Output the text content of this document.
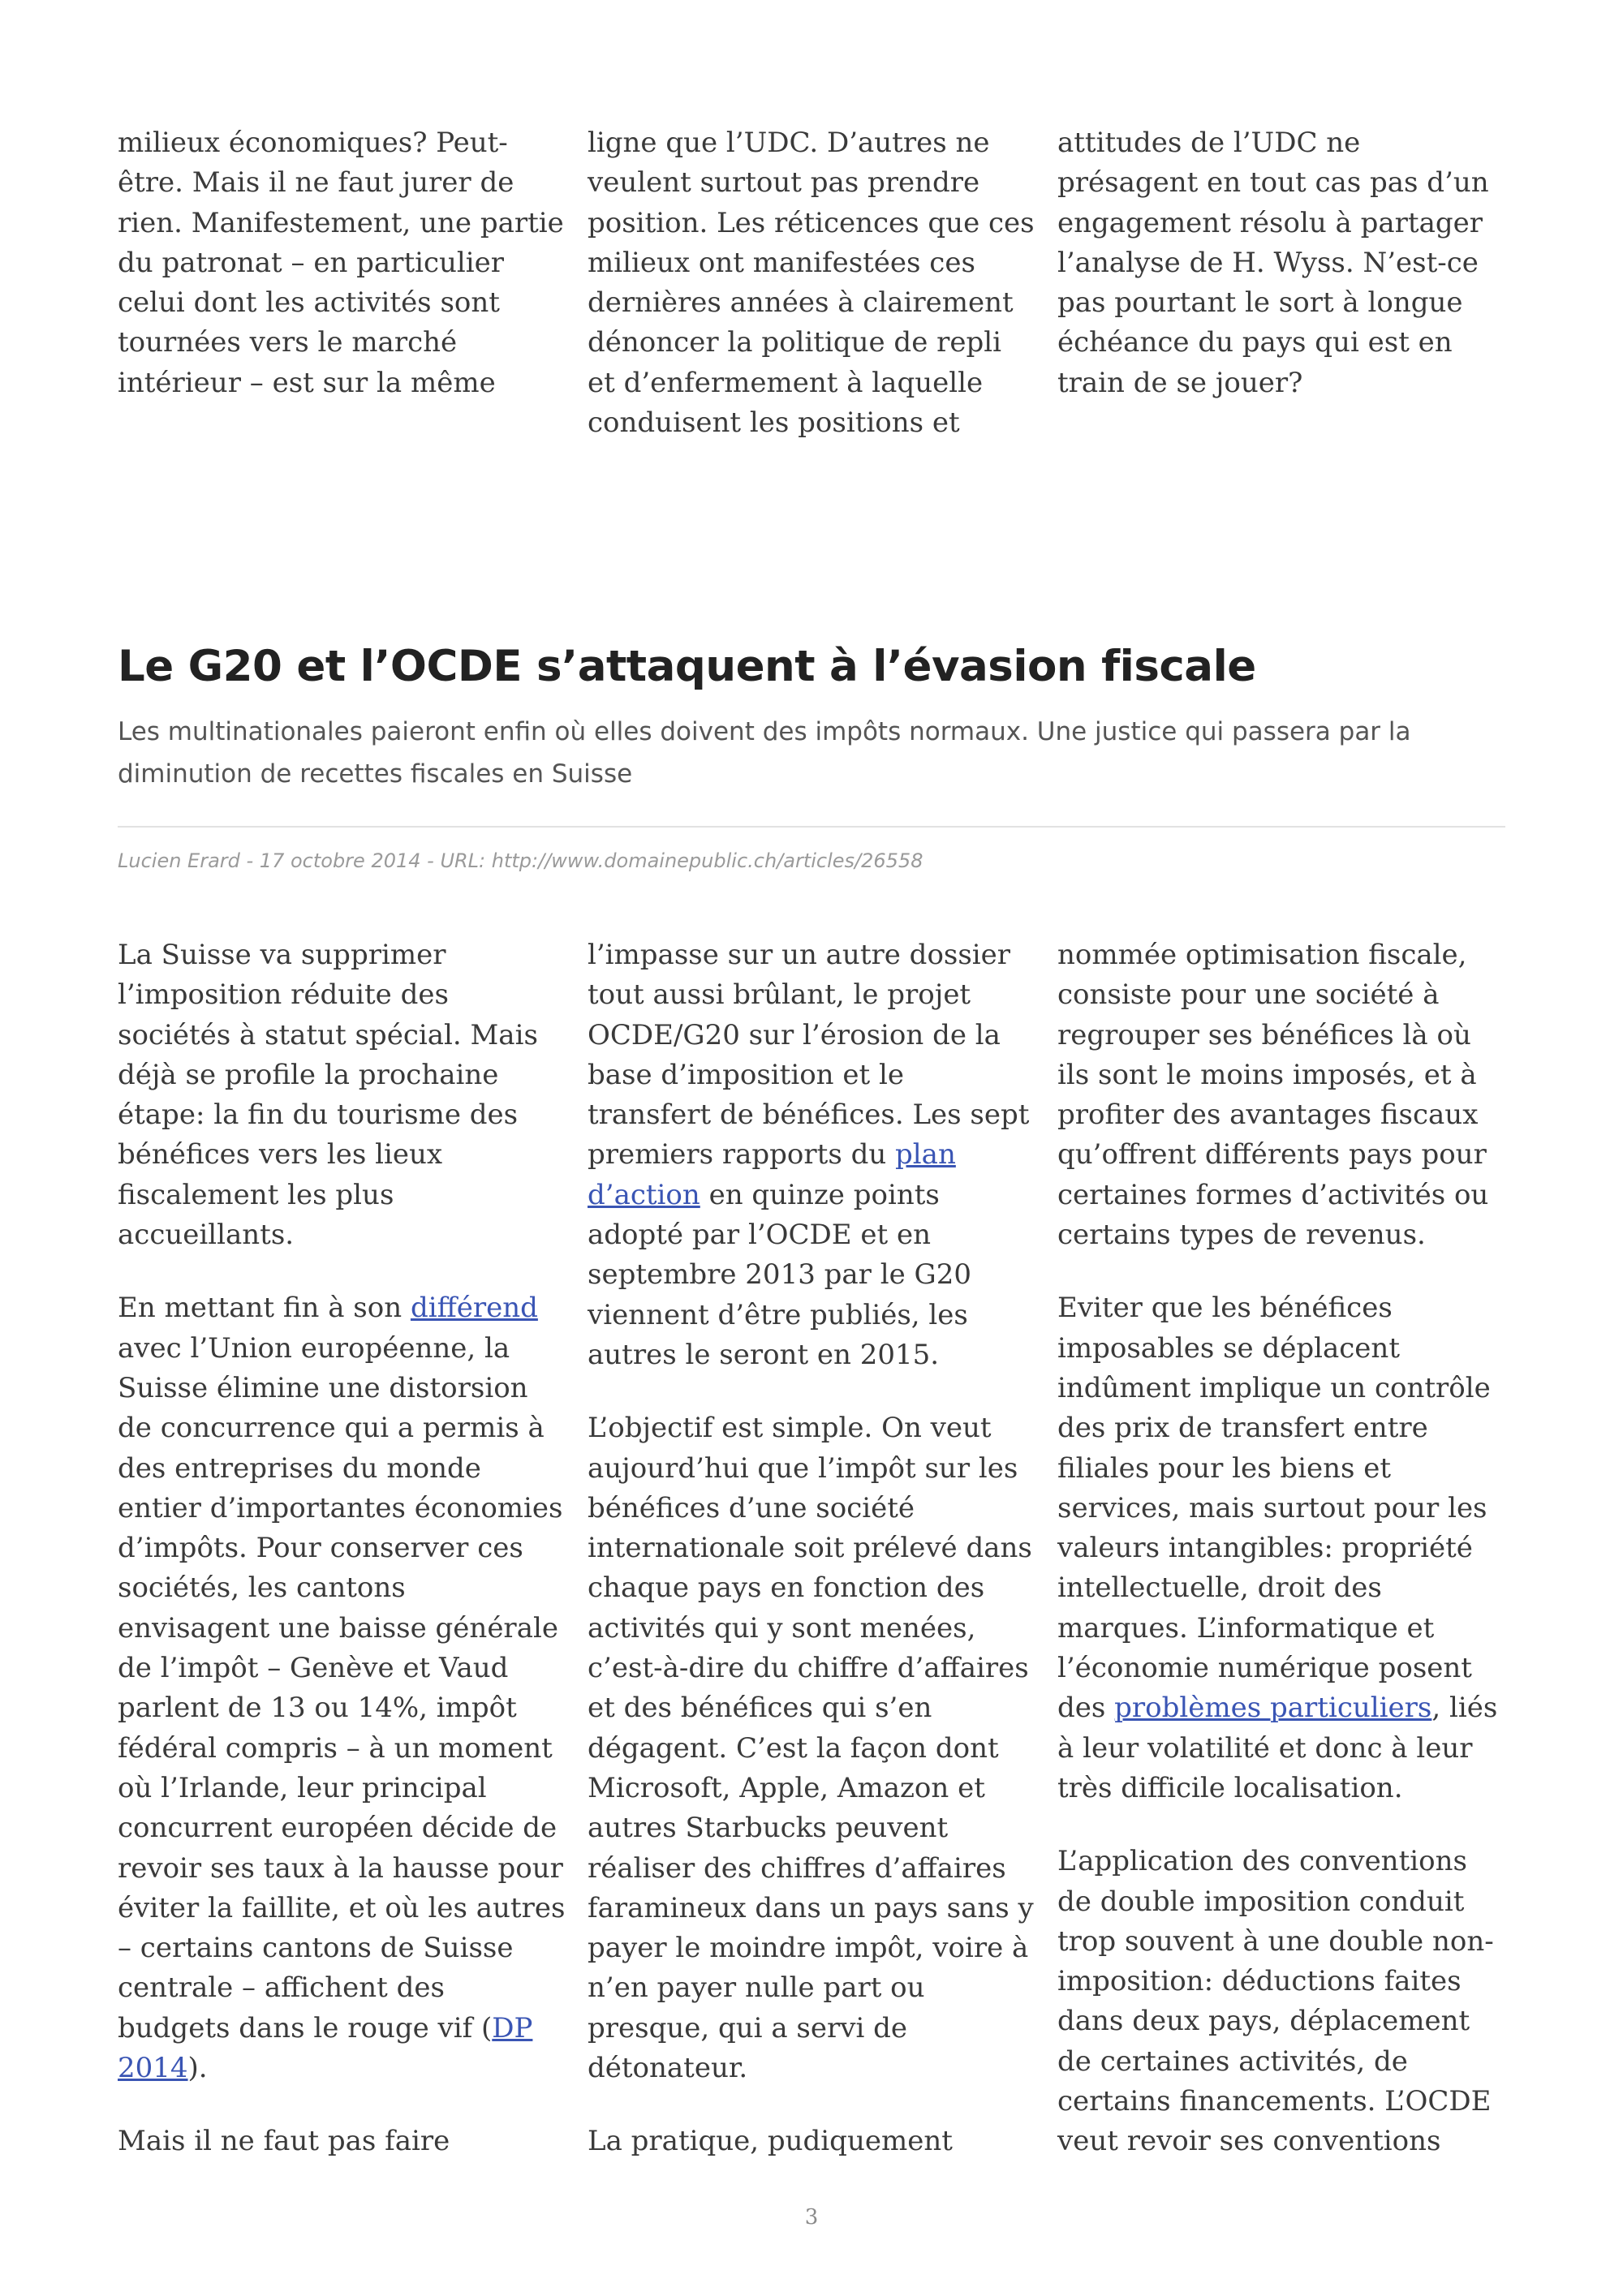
milieux économiques? Peut-être. Mais il ne faut jurer de rien. Manifestement, une partie du patronat – en particulier celui dont les activités sont tournées vers le marché intérieur – est sur la même

ligne que l’UDC. D’autres ne veulent surtout pas prendre position. Les réticences que ces milieux ont manifestées ces dernières années à clairement dénoncer la politique de repli et d’enfermement à laquelle conduisent les positions et

attitudes de l’UDC ne présagent en tout cas pas d’un engagement résolu à partager l’analyse de H. Wyss. N’est-ce pas pourtant le sort à longue échéance du pays qui est en train de se jouer?

Le G20 et l’OCDE s’attaquent à l’évasion fiscale

Les multinationales paieront enfin où elles doivent des impôts normaux. Une justice qui passera par la diminution de recettes fiscales en Suisse

Lucien Erard - 17 octobre 2014 - URL: http://www.domainepublic.ch/articles/26558

La Suisse va supprimer l’imposition réduite des sociétés à statut spécial. Mais déjà se profile la prochaine étape: la fin du tourisme des bénéfices vers les lieux fiscalement les plus accueillants.

En mettant fin à son différend avec l’Union européenne, la Suisse élimine une distorsion de concurrence qui a permis à des entreprises du monde entier d’importantes économies d’impôts. Pour conserver ces sociétés, les cantons envisagent une baisse générale de l’impôt – Genève et Vaud parlent de 13 ou 14%, impôt fédéral compris – à un moment où l’Irlande, leur principal concurrent européen décide de revoir ses taux à la hausse pour éviter la faillite, et où les autres – certains cantons de Suisse centrale – affichent des budgets dans le rouge vif (DP 2014).

Mais il ne faut pas faire

l’impasse sur un autre dossier tout aussi brûlant, le projet OCDE/G20 sur l’érosion de la base d’imposition et le transfert de bénéfices. Les sept premiers rapports du plan d’action en quinze points adopté par l’OCDE et en septembre 2013 par le G20 viennent d’être publiés, les autres le seront en 2015.

L’objectif est simple. On veut aujourd’hui que l’impôt sur les bénéfices d’une société internationale soit prélevé dans chaque pays en fonction des activités qui y sont menées, c’est-à-dire du chiffre d’affaires et des bénéfices qui s’en dégagent. C’est la façon dont Microsoft, Apple, Amazon et autres Starbucks peuvent réaliser des chiffres d’affaires faramineux dans un pays sans y payer le moindre impôt, voire à n’en payer nulle part ou presque, qui a servi de détonateur.

La pratique, pudiquement

nommée optimisation fiscale, consiste pour une société à regrouper ses bénéfices là où ils sont le moins imposés, et à profiter des avantages fiscaux qu’offrent différents pays pour certaines formes d’activités ou certains types de revenus.

Eviter que les bénéfices imposables se déplacent indûment implique un contrôle des prix de transfert entre filiales pour les biens et services, mais surtout pour les valeurs intangibles: propriété intellectuelle, droit des marques. L’informatique et l’économie numérique posent des problèmes particuliers, liés à leur volatilité et donc à leur très difficile localisation.

L’application des conventions de double imposition conduit trop souvent à une double non-imposition: déductions faites dans deux pays, déplacement de certaines activités, de certains financements. L’OCDE veut revoir ses conventions

3
